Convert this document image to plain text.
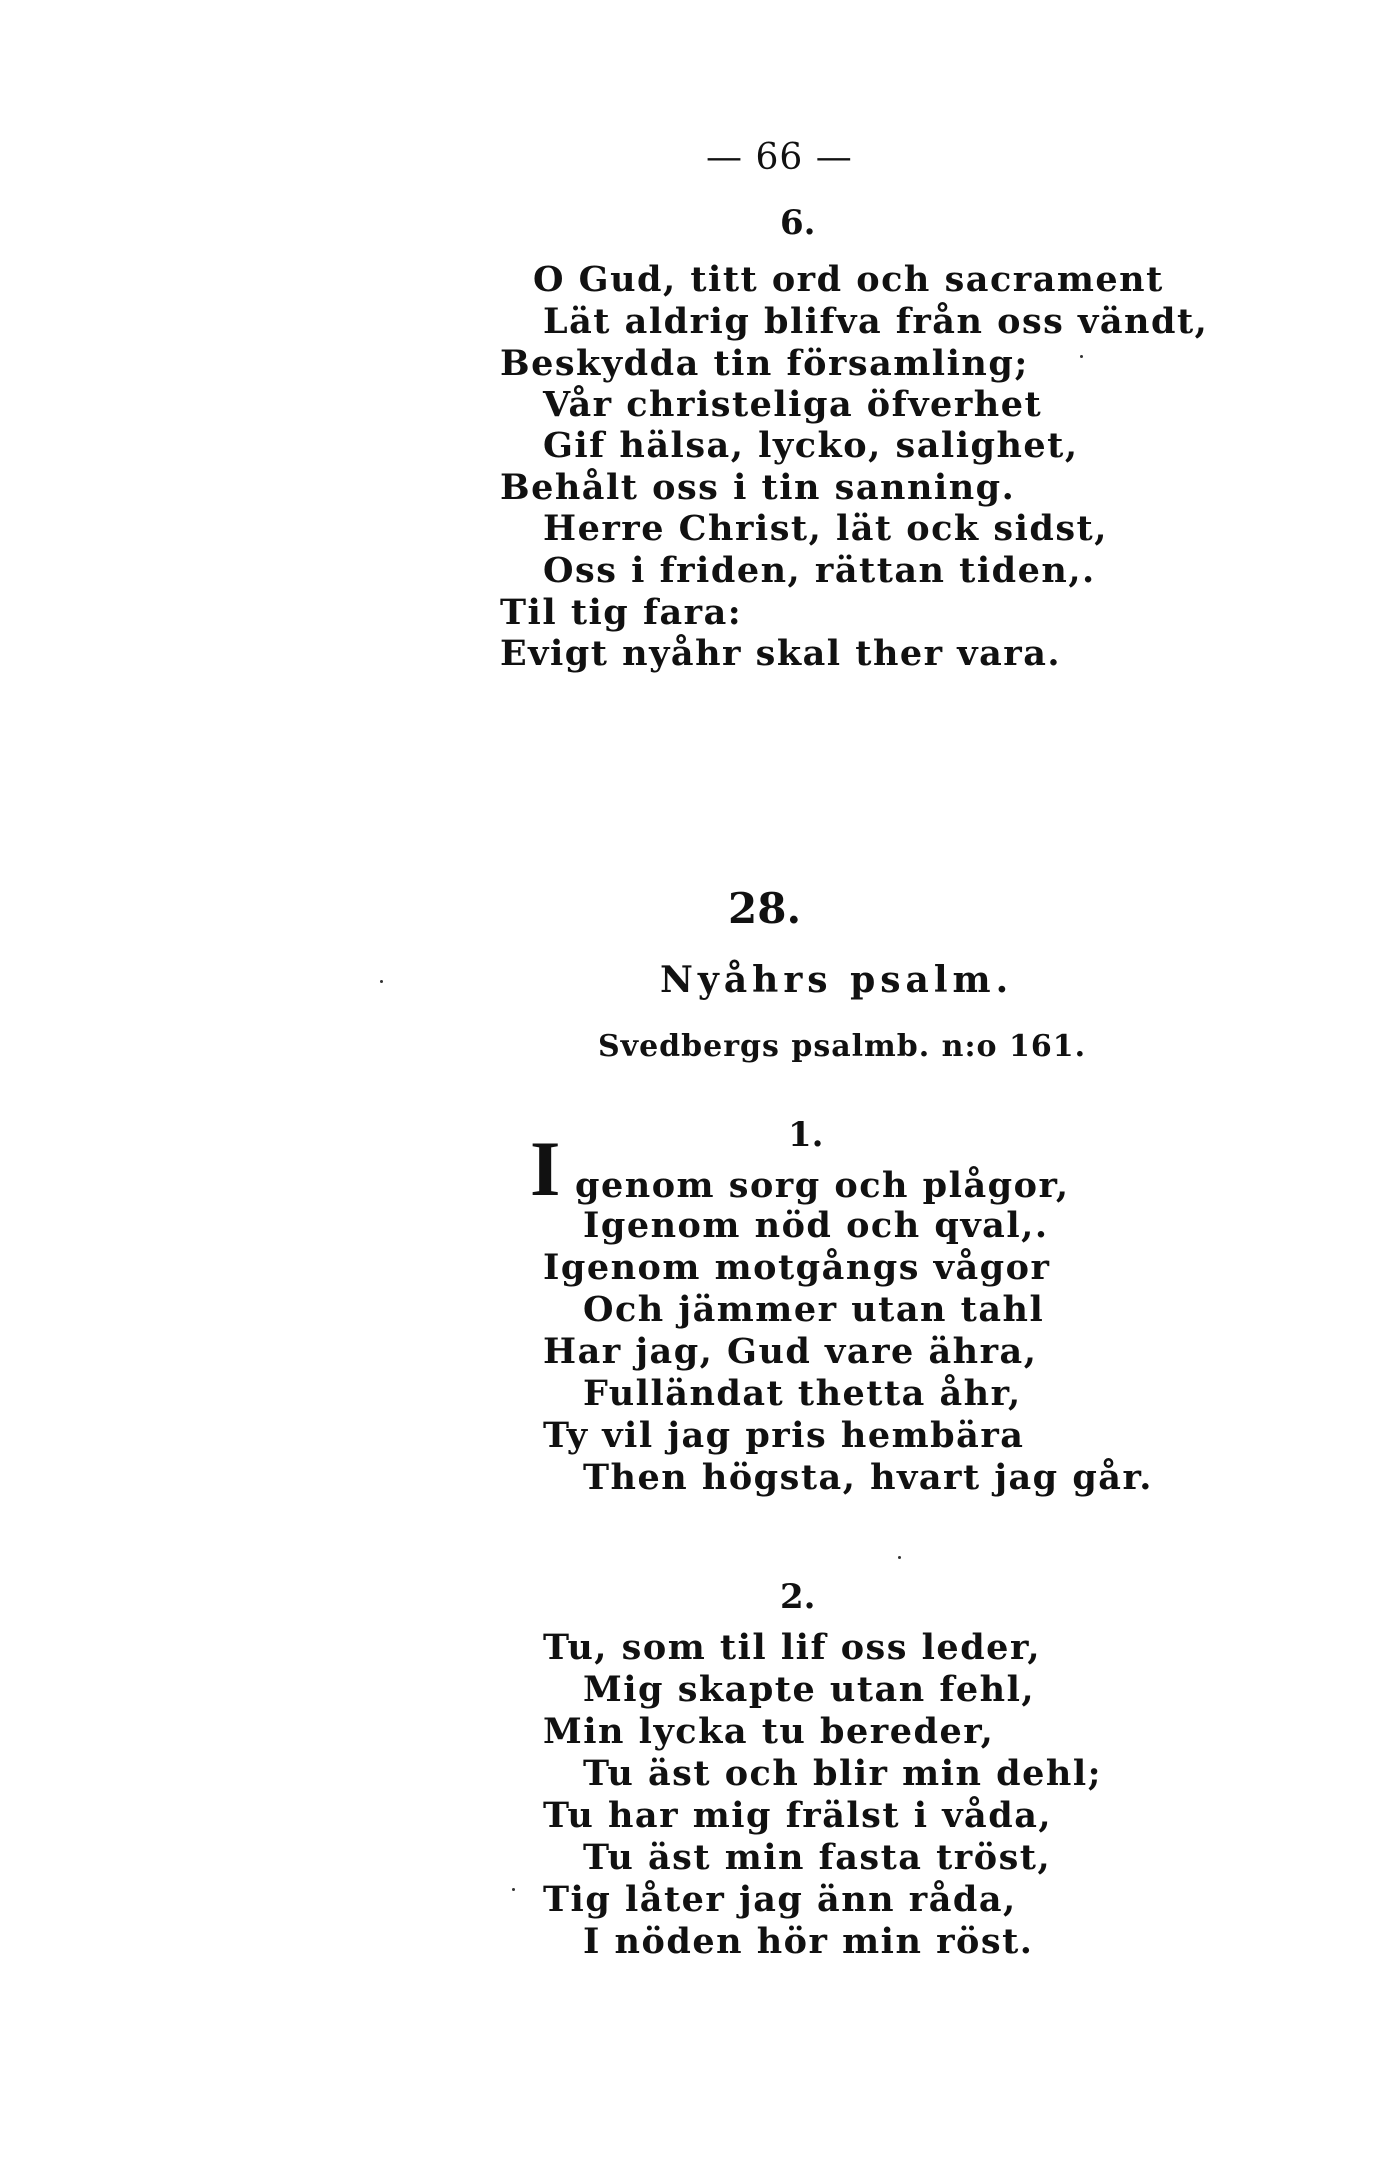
— 66 —
6.
O Gud, titt ord och sacrament
Lät aldrig blifva från oss vändt,
Beskydda tin församling;
Vår christeliga öfverhet
Gif hälsa, lycko, salighet,
Behålt oss i tin sanning.
Herre Christ, lät ock sidst,
Oss i friden, rättan tiden,.
Til tig fara:
Evigt nyåhr skal ther vara.
28.
Nyåhrs psalm.
Svedbergs psalmb. n:o 161.
1.
I genom sorg och plågor,
Igenom nöd och qval,.
Igenom motgångs vågor
Och jämmer utan tahl
Har jag, Gud vare ähra,
Fulländat thetta åhr,
Ty vil jag pris hembära
Then högsta, hvart jag går.
2.
Tu, som til lif oss leder,
Mig skapte utan fehl,
Min lycka tu bereder,
Tu äst och blir min dehl;
Tu har mig frälst i våda,
Tu äst min fasta tröst,
Tig låter jag änn råda,
I nöden hör min röst.
